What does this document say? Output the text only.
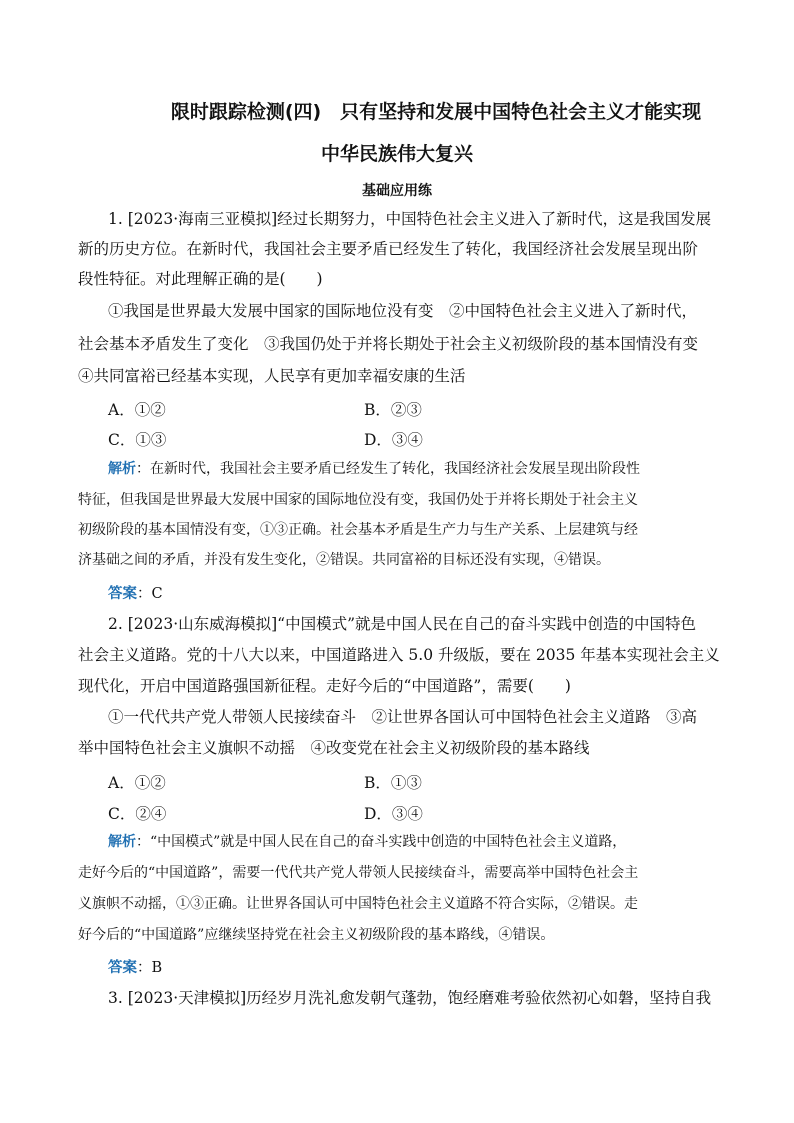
限时跟踪检测(四)　只有坚持和发展中国特色社会主义才能实现
中华民族伟大复兴
基础应用练
1. [2023·海南三亚模拟]经过长期努力，中国特色社会主义进入了新时代，这是我国发展
新的历史方位。在新时代，我国社会主要矛盾已经发生了转化，我国经济社会发展呈现出阶
段性特征。对此理解正确的是(　　)
①我国是世界最大发展中国家的国际地位没有变　②中国特色社会主义进入了新时代，
社会基本矛盾发生了变化　③我国仍处于并将长期处于社会主义初级阶段的基本国情没有变
④共同富裕已经基本实现，人民享有更加幸福安康的生活
A．①②	B．②③
C．①③	D．③④
解析：在新时代，我国社会主要矛盾已经发生了转化，我国经济社会发展呈现出阶段性
特征，但我国是世界最大发展中国家的国际地位没有变，我国仍处于并将长期处于社会主义
初级阶段的基本国情没有变，①③正确。社会基本矛盾是生产力与生产关系、上层建筑与经
济基础之间的矛盾，并没有发生变化，②错误。共同富裕的目标还没有实现，④错误。
答案：C
2. [2023·山东威海模拟]“中国模式”就是中国人民在自己的奋斗实践中创造的中国特色
社会主义道路。党的十八大以来，中国道路进入 5.0 升级版，要在 2035 年基本实现社会主义
现代化，开启中国道路强国新征程。走好今后的“中国道路”，需要(　　)
①一代代共产党人带领人民接续奋斗　②让世界各国认可中国特色社会主义道路　③高
举中国特色社会主义旗帜不动摇　④改变党在社会主义初级阶段的基本路线
A．①②	B．①③
C．②④	D．③④
解析：“中国模式”就是中国人民在自己的奋斗实践中创造的中国特色社会主义道路，
走好今后的“中国道路”，需要一代代共产党人带领人民接续奋斗，需要高举中国特色社会主
义旗帜不动摇，①③正确。让世界各国认可中国特色社会主义道路不符合实际，②错误。走
好今后的“中国道路”应继续坚持党在社会主义初级阶段的基本路线，④错误。
答案：B
3. [2023·天津模拟]历经岁月洗礼愈发朝气蓬勃，饱经磨难考验依然初心如磐，坚持自我
